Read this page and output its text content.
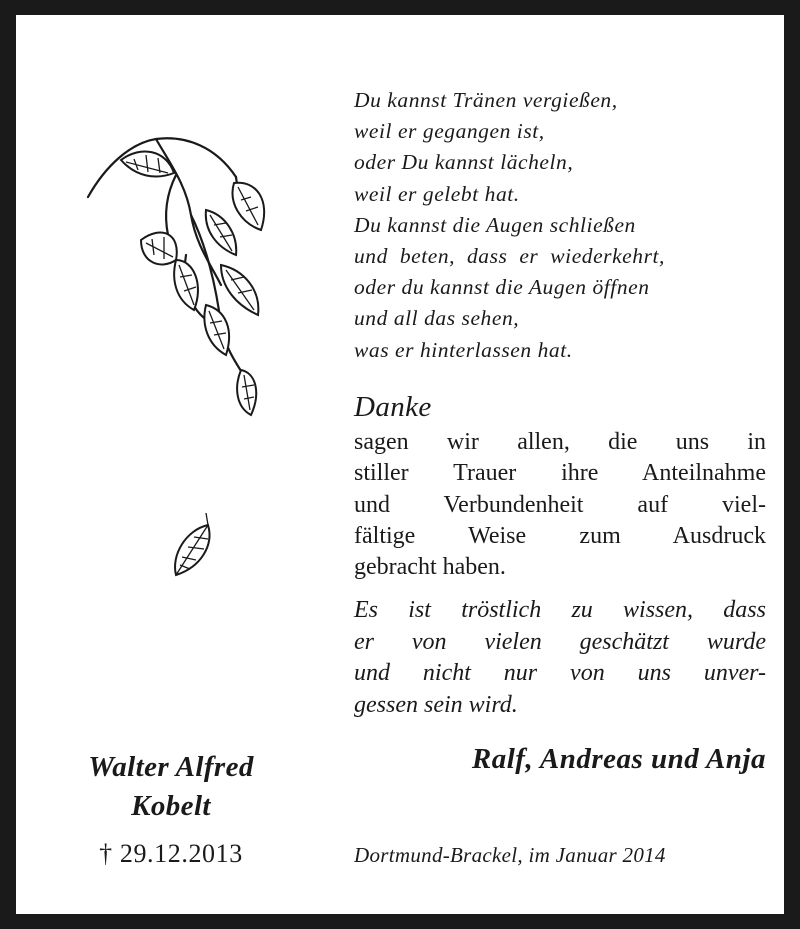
Du kannst Tränen vergießen,
weil er gegangen ist,
oder Du kannst lächeln,
weil er gelebt hat.
Du kannst die Augen schließen
und beten, dass er wiederkehrt,
oder du kannst die Augen öffnen
und all das sehen,
was er hinterlassen hat.
Danke
sagen wir allen, die uns in
stiller Trauer ihre Anteilnahme
und Verbundenheit auf viel-
fältige Weise zum Ausdruck
gebracht haben.
Es ist tröstlich zu wissen, dass
er von vielen geschätzt wurde
und nicht nur von uns unver-
gessen sein wird.
Ralf, Andreas und Anja
Dortmund-Brackel, im Januar 2014
Walter Alfred
Kobelt
† 29.12.2013
